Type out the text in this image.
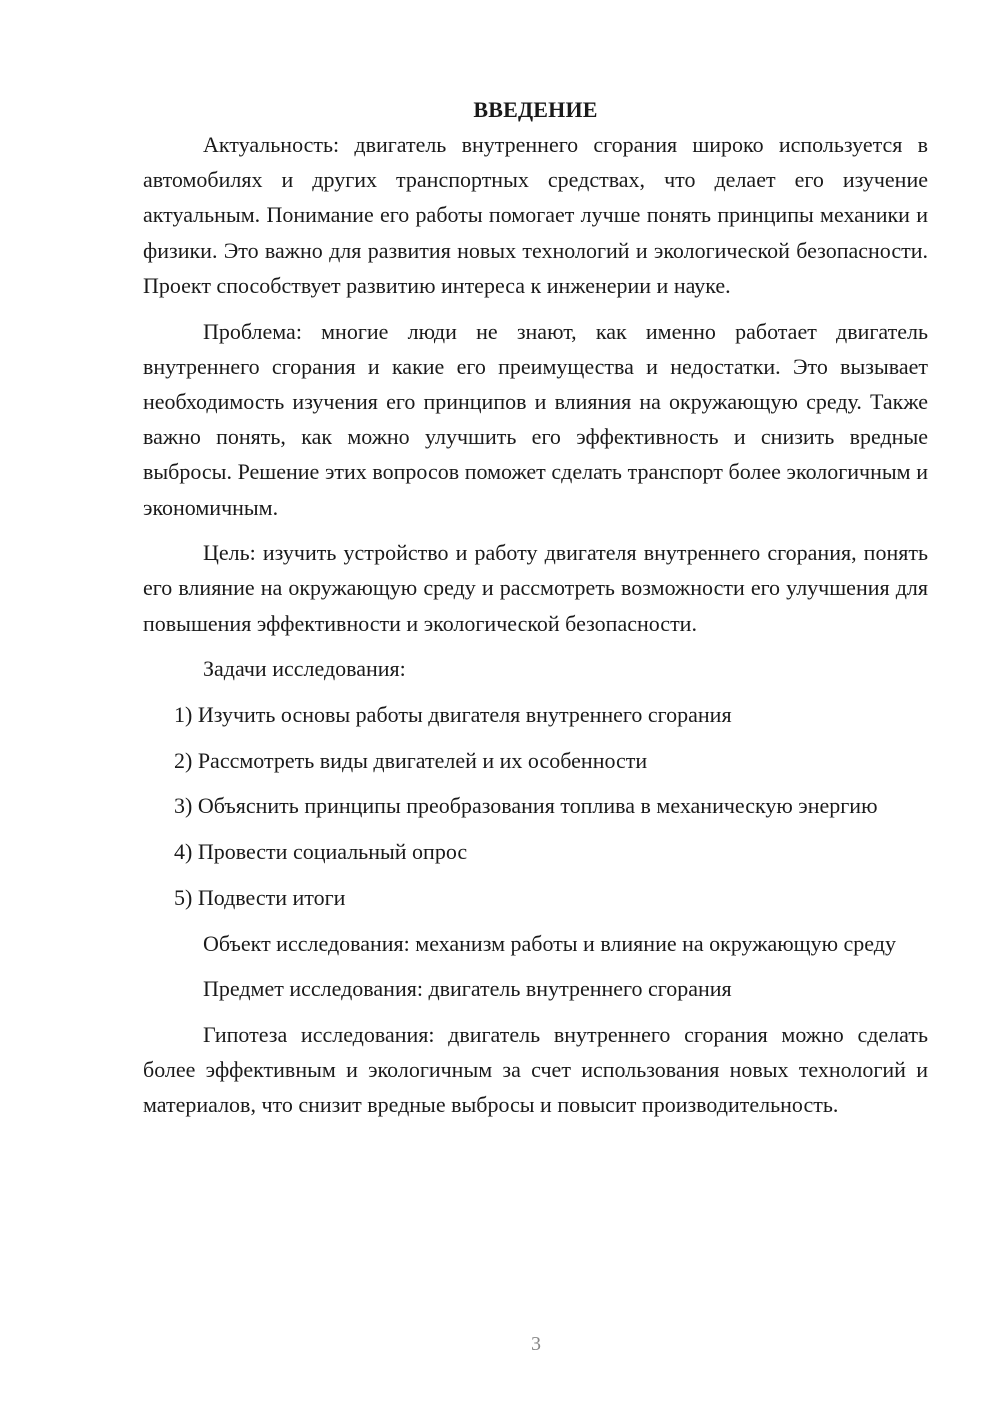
ВВЕДЕНИЕ

Актуальность: двигатель внутреннего сгорания широко используется в автомобилях и других транспортных средствах, что делает его изучение актуальным. Понимание его работы помогает лучше понять принципы механики и физики. Это важно для развития новых технологий и экологической безопасности. Проект способствует развитию интереса к инженерии и науке.

Проблема: многие люди не знают, как именно работает двигатель внутреннего сгорания и какие его преимущества и недостатки. Это вызывает необходимость изучения его принципов и влияния на окружающую среду. Также важно понять, как можно улучшить его эффективность и снизить вредные выбросы. Решение этих вопросов поможет сделать транспорт более экологичным и экономичным.

Цель: изучить устройство и работу двигателя внутреннего сгорания, понять его влияние на окружающую среду и рассмотреть возможности его улучшения для повышения эффективности и экологической безопасности.

Задачи исследования:

1) Изучить основы работы двигателя внутреннего сгорания

2) Рассмотреть виды двигателей и их особенности

3) Объяснить принципы преобразования топлива в механическую энергию

4) Провести социальный опрос

5) Подвести итоги

Объект исследования: механизм работы и влияние на окружающую среду

Предмет исследования: двигатель внутреннего сгорания

Гипотеза исследования: двигатель внутреннего сгорания можно сделать более эффективным и экологичным за счет использования новых технологий и материалов, что снизит вредные выбросы и повысит производительность.

3
